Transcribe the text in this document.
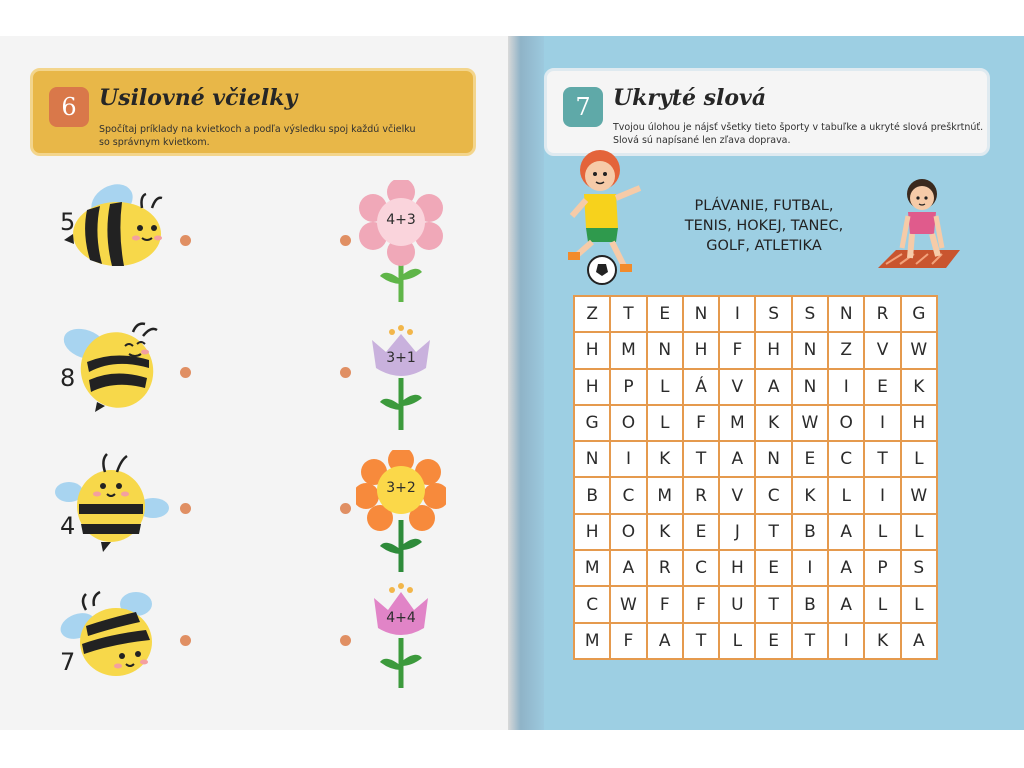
6	Usilovné včielky
Spočítaj príklady na kvietkoch a podľa výsledku spoj každú včielku
so správnym kvietkom.
7	Ukryté slová
Tvojou úlohou je nájsť všetky tieto športy v tabuľke a ukryté slová preškrtnúť.
Slová sú napísané len zľava doprava.
5
8
4
7
4+3
3+1
3+2
4+4
PLÁVANIE, FUTBAL,
TENIS, HOKEJ, TANEC,
GOLF, ATLETIKA
Z	T	E	N	I	S	S	N	R	G
H	M	N	H	F	H	N	Z	V	W
H	P	L	Á	V	A	N	I	E	K
G	O	L	F	M	K	W	O	I	H
N	I	K	T	A	N	E	C	T	L
B	C	M	R	V	C	K	L	I	W
H	O	K	E	J	T	B	A	L	L
M	A	R	C	H	E	I	A	P	S
C	W	F	F	U	T	B	A	L	L
M	F	A	T	L	E	T	I	K	A
